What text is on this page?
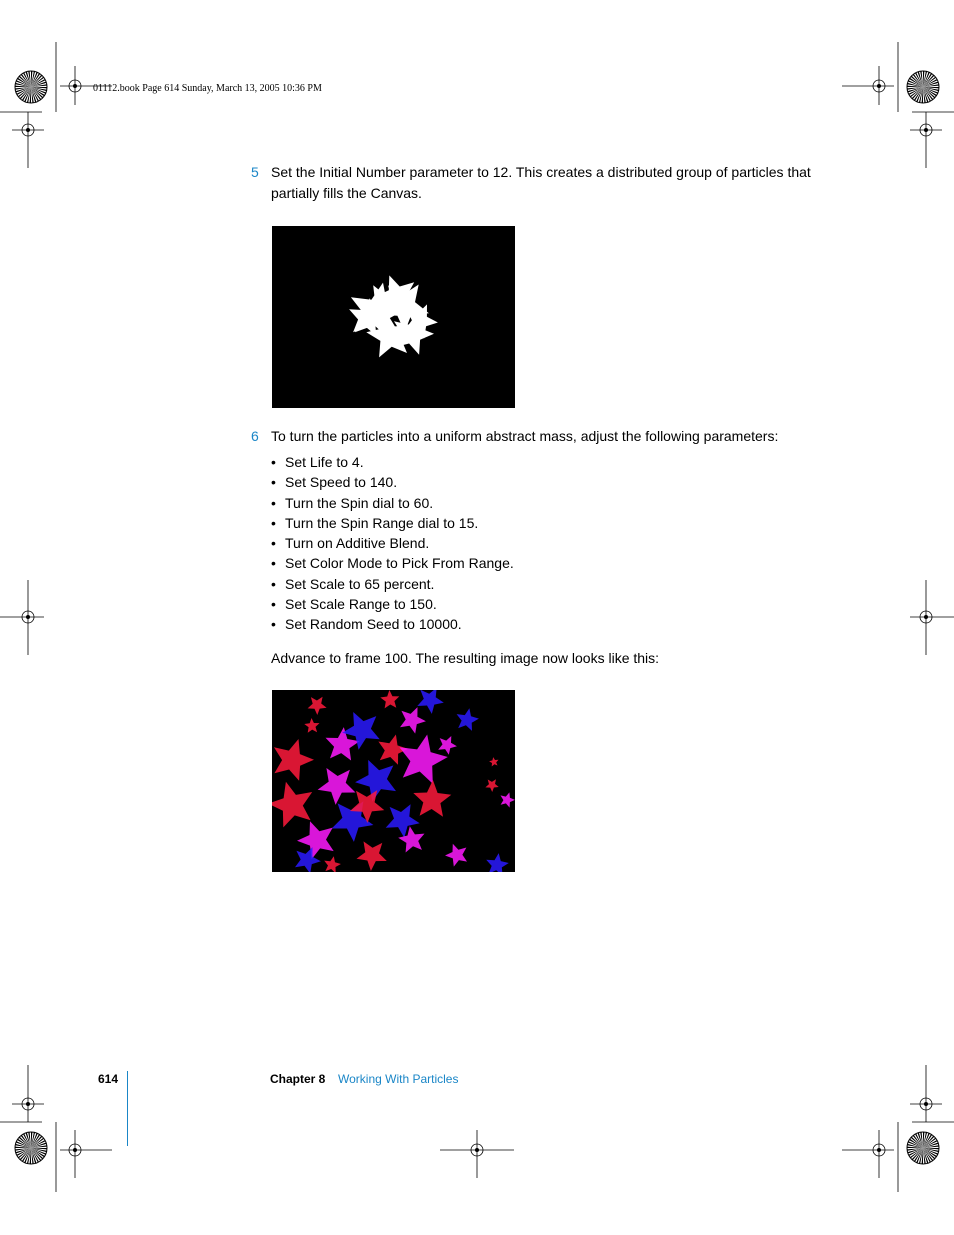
01112.book Page 614 Sunday, March 13, 2005 10:36 PM
5 Set the Initial Number parameter to 12. This creates a distributed group of particles that partially fills the Canvas.
6 To turn the particles into a uniform abstract mass, adjust the following parameters:
• Set Life to 4.
• Set Speed to 140.
• Turn the Spin dial to 60.
• Turn the Spin Range dial to 15.
• Turn on Additive Blend.
• Set Color Mode to Pick From Range.
• Set Scale to 65 percent.
• Set Scale Range to 150.
• Set Random Seed to 10000.
Advance to frame 100. The resulting image now looks like this:
614	Chapter 8 Working With Particles
